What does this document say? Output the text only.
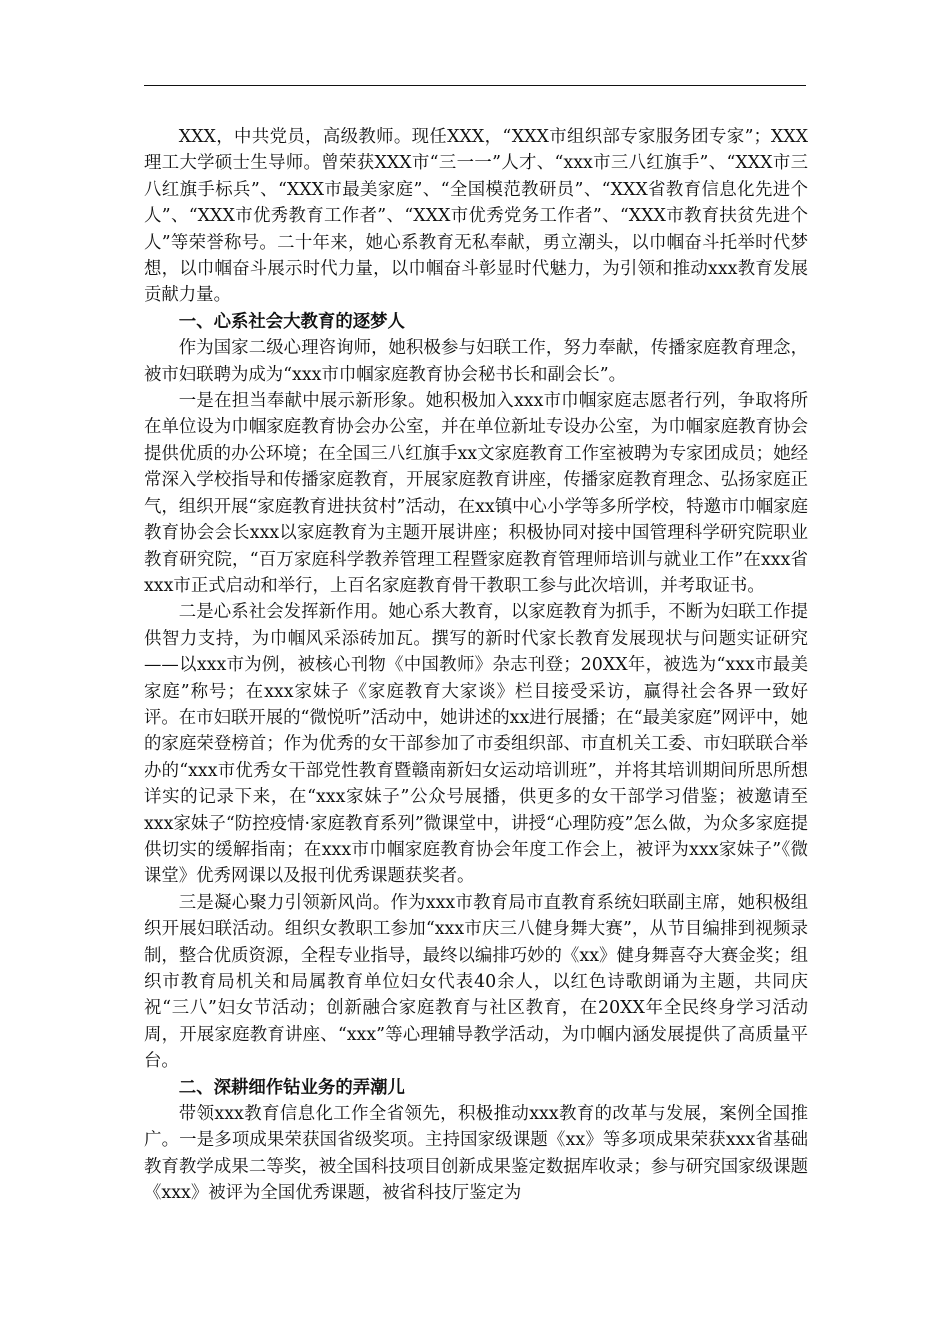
XXX，中共党员，高级教师。现任XXX，“XXX市组织部专家服务团专家”；XXX理工大学硕士生导师。曾荣获XXX市“三一一”人才、“xxx市三八红旗手”、“XXX市三八红旗手标兵”、“XXX市最美家庭”、“全国模范教研员”、“XXX省教育信息化先进个人”、“XXX市优秀教育工作者”、“XXX市优秀党务工作者”、“XXX市教育扶贫先进个人”等荣誉称号。二十年来，她心系教育无私奉献，勇立潮头，以巾帼奋斗托举时代梦想，以巾帼奋斗展示时代力量，以巾帼奋斗彰显时代魅力，为引领和推动xxx教育发展贡献力量。

一、心系社会大教育的逐梦人

作为国家二级心理咨询师，她积极参与妇联工作，努力奉献，传播家庭教育理念，被市妇联聘为成为“xxx市巾帼家庭教育协会秘书长和副会长”。

一是在担当奉献中展示新形象。她积极加入xxx市巾帼家庭志愿者行列，争取将所在单位设为巾帼家庭教育协会办公室，并在单位新址专设办公室，为巾帼家庭教育协会提供优质的办公环境；在全国三八红旗手xx文家庭教育工作室被聘为专家团成员；她经常深入学校指导和传播家庭教育，开展家庭教育讲座，传播家庭教育理念、弘扬家庭正气，组织开展“家庭教育进扶贫村”活动，在xx镇中心小学等多所学校，特邀市巾帼家庭教育协会会长xxx以家庭教育为主题开展讲座；积极协同对接中国管理科学研究院职业教育研究院，“百万家庭科学教养管理工程暨家庭教育管理师培训与就业工作”在xxx省xxx市正式启动和举行，上百名家庭教育骨干教职工参与此次培训，并考取证书。

二是心系社会发挥新作用。她心系大教育，以家庭教育为抓手，不断为妇联工作提供智力支持，为巾帼风采添砖加瓦。撰写的新时代家长教育发展现状与问题实证研究——以xxx市为例，被核心刊物《中国教师》杂志刊登；20XX年，被选为“xxx市最美家庭”称号；在xxx家妹子《家庭教育大家谈》栏目接受采访，赢得社会各界一致好评。在市妇联开展的“微悦听”活动中，她讲述的xx进行展播；在“最美家庭”网评中，她的家庭荣登榜首；作为优秀的女干部参加了市委组织部、市直机关工委、市妇联联合举办的“xxx市优秀女干部党性教育暨赣南新妇女运动培训班”，并将其培训期间所思所想详实的记录下来，在“xxx家妹子”公众号展播，供更多的女干部学习借鉴；被邀请至xxx家妹子“防控疫情·家庭教育系列”微课堂中，讲授“心理防疫”怎么做，为众多家庭提供切实的缓解指南；在xxx市巾帼家庭教育协会年度工作会上，被评为xxx家妹子”《微课堂》优秀网课以及报刊优秀课题获奖者。

三是凝心聚力引领新风尚。作为xxx市教育局市直教育系统妇联副主席，她积极组织开展妇联活动。组织女教职工参加“xxx市庆三八健身舞大赛”，从节目编排到视频录制，整合优质资源，全程专业指导，最终以编排巧妙的《xx》健身舞喜夺大赛金奖；组织市教育局机关和局属教育单位妇女代表40余人，以红色诗歌朗诵为主题，共同庆祝“三八”妇女节活动；创新融合家庭教育与社区教育，在20XX年全民终身学习活动周，开展家庭教育讲座、“xxx”等心理辅导教学活动，为巾帼内涵发展提供了高质量平台。

二、深耕细作钻业务的弄潮儿

带领xxx教育信息化工作全省领先，积极推动xxx教育的改革与发展，案例全国推广。一是多项成果荣获国省级奖项。主持国家级课题《xx》等多项成果荣获xxx省基础教育教学成果二等奖，被全国科技项目创新成果鉴定数据库收录；参与研究国家级课题《xxx》被评为全国优秀课题，被省科技厅鉴定为
